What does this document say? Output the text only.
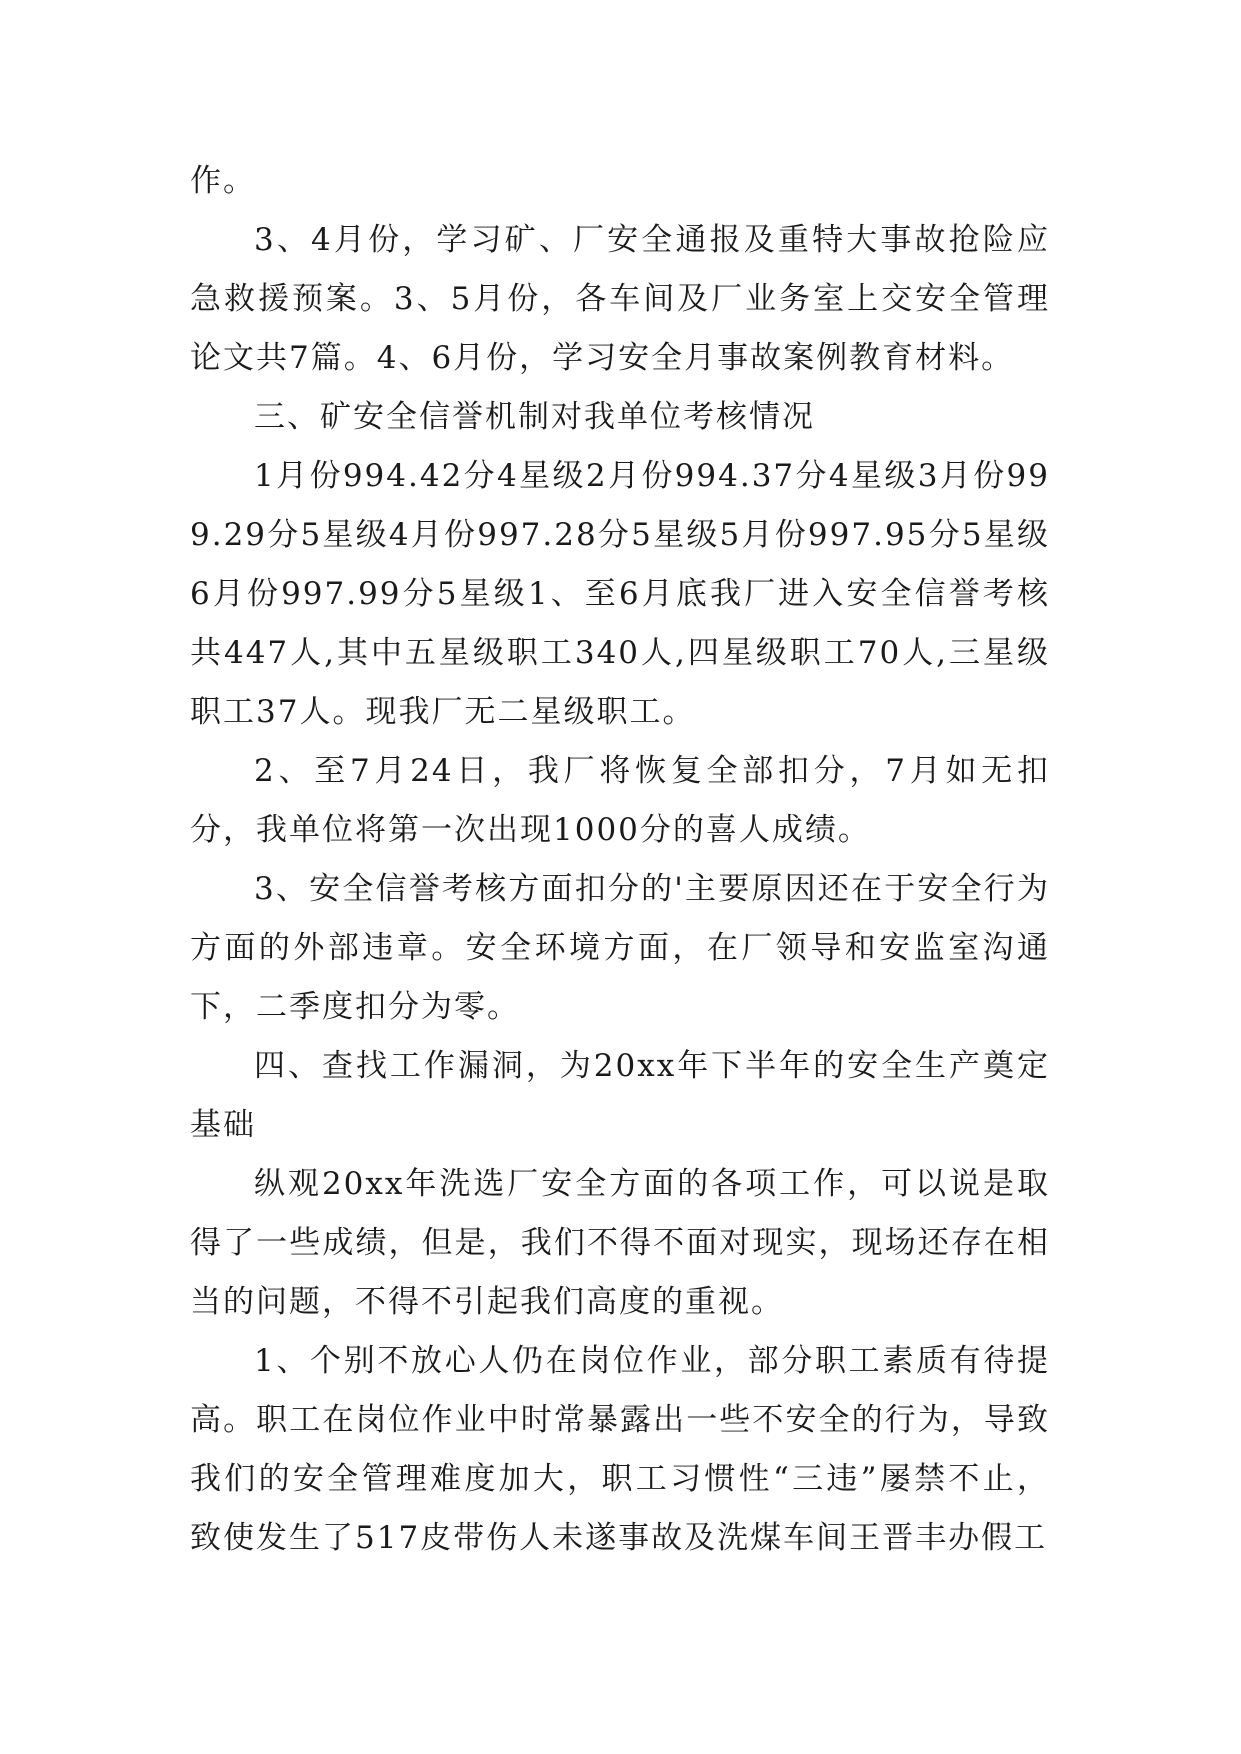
作。

3、4月份，学习矿、厂安全通报及重特大事故抢险应急救援预案。3、5月份，各车间及厂业务室上交安全管理论文共7篇。4、6月份，学习安全月事故案例教育材料。

三、矿安全信誉机制对我单位考核情况

1月份994.42分4星级2月份994.37分4星级3月份999.29分5星级4月份997.28分5星级5月份997.95分5星级6月份997.99分5星级1、至6月底我厂进入安全信誉考核共447人,其中五星级职工340人,四星级职工70人,三星级职工37人。现我厂无二星级职工。

2、至7月24日，我厂将恢复全部扣分，7月如无扣分，我单位将第一次出现1000分的喜人成绩。

3、安全信誉考核方面扣分的'主要原因还在于安全行为方面的外部违章。安全环境方面，在厂领导和安监室沟通下，二季度扣分为零。

四、查找工作漏洞，为20xx年下半年的安全生产奠定基础

纵观20xx年洗选厂安全方面的各项工作，可以说是取得了一些成绩，但是，我们不得不面对现实，现场还存在相当的问题，不得不引起我们高度的重视。

1、个别不放心人仍在岗位作业，部分职工素质有待提高。职工在岗位作业中时常暴露出一些不安全的行为，导致我们的安全管理难度加大，职工习惯性“三违”屡禁不止，致使发生了517皮带伤人未遂事故及洗煤车间王晋丰办假工
